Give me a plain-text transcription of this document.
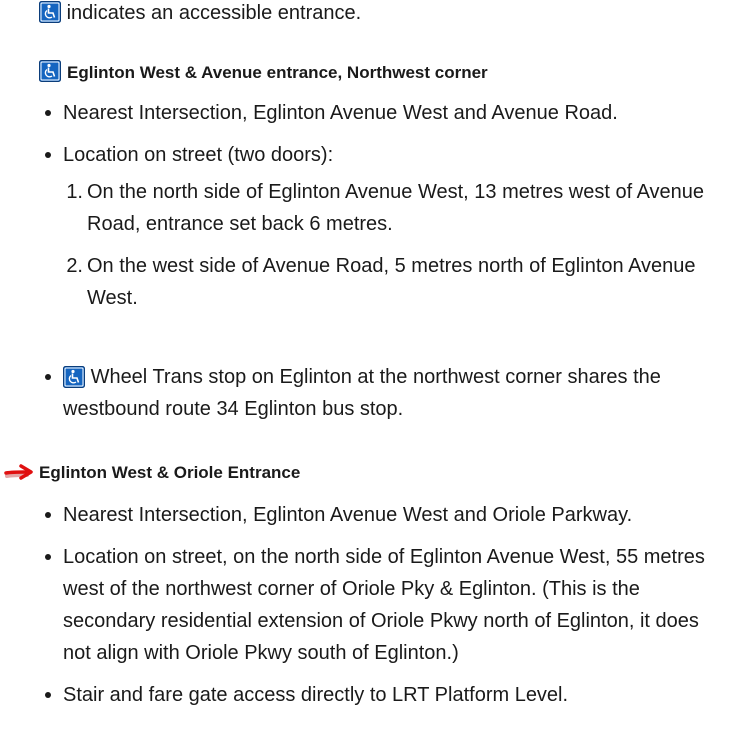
indicates an accessible entrance.
Eglinton West & Avenue entrance, Northwest corner
Nearest Intersection, Eglinton Avenue West and Avenue Road.
Location on street (two doors):
1. On the north side of Eglinton Avenue West, 13 metres west of Avenue Road, entrance set back 6 metres.
2. On the west side of Avenue Road, 5 metres north of Eglinton Avenue West.
Wheel Trans stop on Eglinton at the northwest corner shares the westbound route 34 Eglinton bus stop.
Eglinton West & Oriole Entrance
Nearest Intersection, Eglinton Avenue West and Oriole Parkway.
Location on street, on the north side of Eglinton Avenue West, 55 metres west of the northwest corner of Oriole Pky & Eglinton. (This is the secondary residential extension of Oriole Pkwy north of Eglinton, it does not align with Oriole Pkwy south of Eglinton.)
Stair and fare gate access directly to LRT Platform Level.
